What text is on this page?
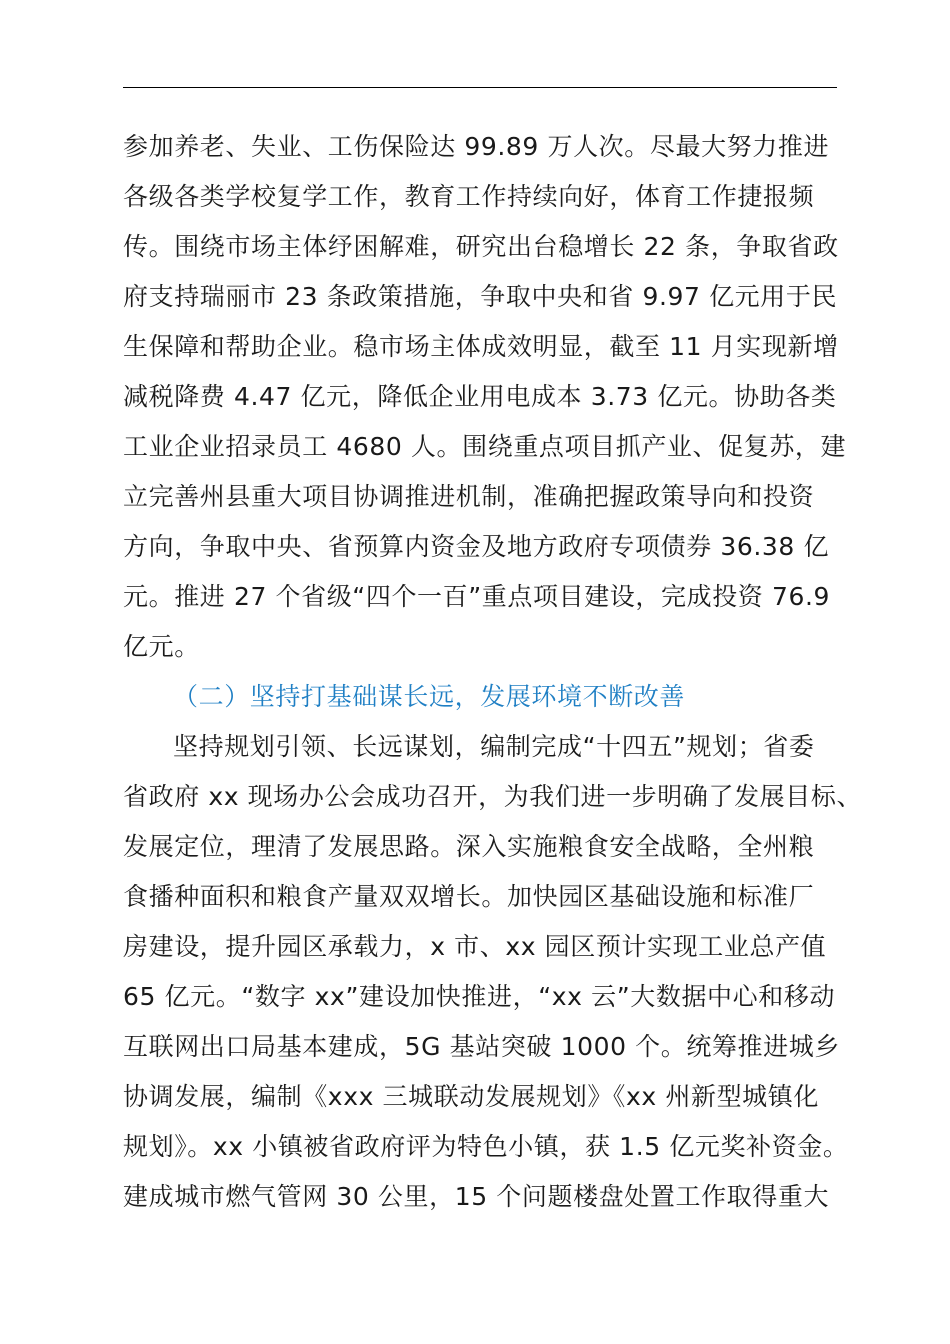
参加养老、失业、工伤保险达 99.89 万人次。尽最大努力推进
各级各类学校复学工作，教育工作持续向好，体育工作捷报频
传。围绕市场主体纾困解难，研究出台稳增长 22 条，争取省政
府支持瑞丽市 23 条政策措施，争取中央和省 9.97 亿元用于民
生保障和帮助企业。稳市场主体成效明显，截至 11 月实现新增
减税降费 4.47 亿元，降低企业用电成本 3.73 亿元。协助各类
工业企业招录员工 4680 人。围绕重点项目抓产业、促复苏，建
立完善州县重大项目协调推进机制，准确把握政策导向和投资
方向，争取中央、省预算内资金及地方政府专项债券 36.38 亿
元。推进 27 个省级“四个一百”重点项目建设，完成投资 76.9
亿元。
（二）坚持打基础谋长远，发展环境不断改善
坚持规划引领、长远谋划，编制完成“十四五”规划；省委
省政府 xx 现场办公会成功召开，为我们进一步明确了发展目标、
发展定位，理清了发展思路。深入实施粮食安全战略，全州粮
食播种面积和粮食产量双双增长。加快园区基础设施和标准厂
房建设，提升园区承载力，x 市、xx 园区预计实现工业总产值
65 亿元。“数字 xx”建设加快推进，“xx 云”大数据中心和移动
互联网出口局基本建成，5G 基站突破 1000 个。统筹推进城乡
协调发展，编制《xxx 三城联动发展规划》《xx 州新型城镇化
规划》。xx 小镇被省政府评为特色小镇，获 1.5 亿元奖补资金。
建成城市燃气管网 30 公里，15 个问题楼盘处置工作取得重大
